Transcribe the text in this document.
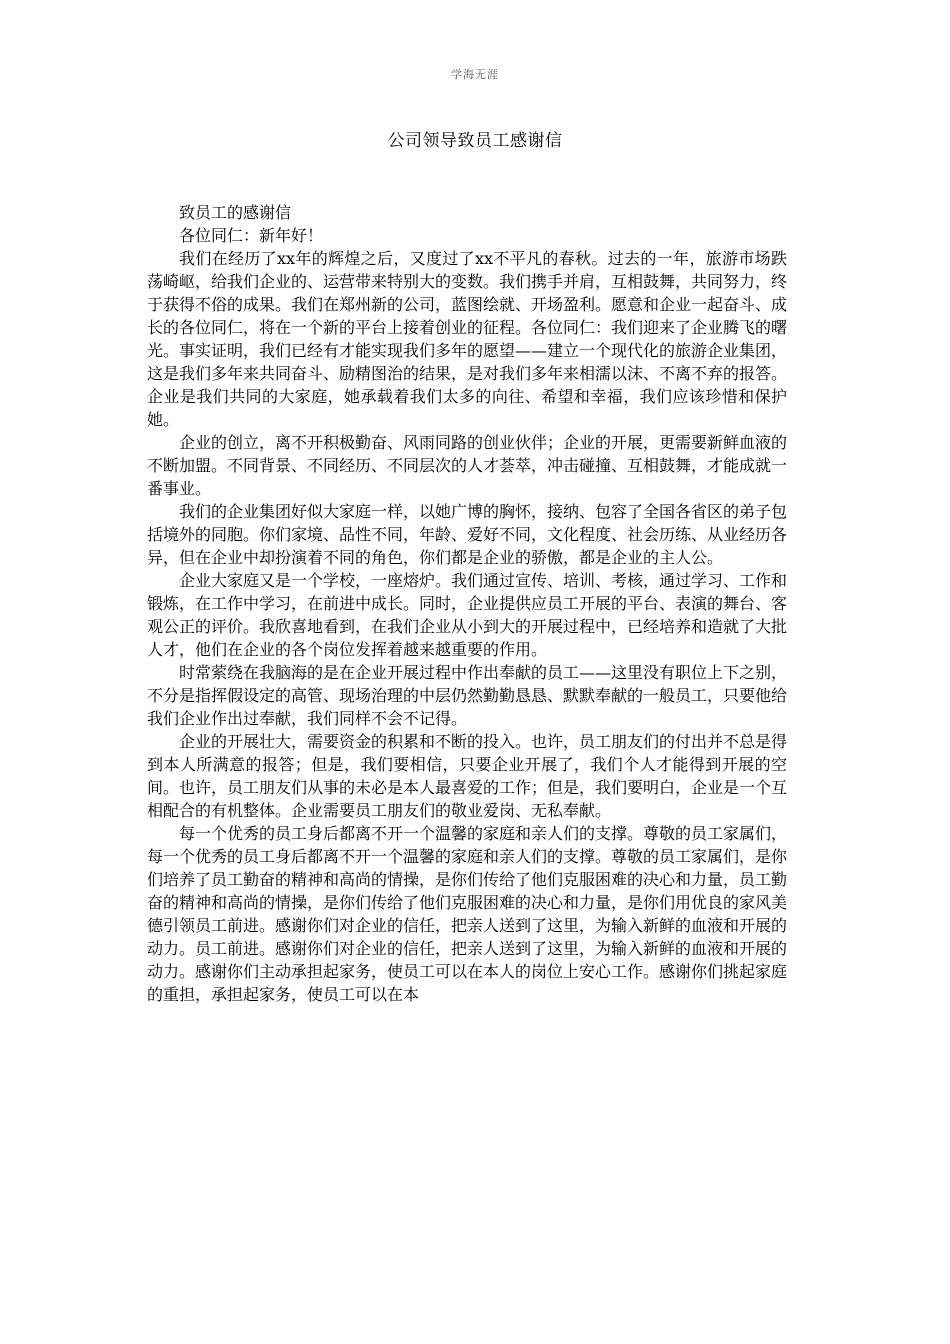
学海无涯
公司领导致员工感谢信

致员工的感谢信

各位同仁：新年好！

我们在经历了xx年的辉煌之后，又度过了xx不平凡的春秋。过去的一年，旅游市场跌荡崎岖，给我们企业的、运营带来特别大的变数。我们携手并肩，互相鼓舞，共同努力，终于获得不俗的成果。我们在郑州新的公司，蓝图绘就、开场盈利。愿意和企业一起奋斗、成长的各位同仁，将在一个新的平台上接着创业的征程。各位同仁：我们迎来了企业腾飞的曙光。事实证明，我们已经有才能实现我们多年的愿望——建立一个现代化的旅游企业集团，这是我们多年来共同奋斗、励精图治的结果，是对我们多年来相濡以沫、不离不弃的报答。企业是我们共同的大家庭，她承载着我们太多的向往、希望和幸福，我们应该珍惜和保护她。

企业的创立，离不开积极勤奋、风雨同路的创业伙伴；企业的开展，更需要新鲜血液的不断加盟。不同背景、不同经历、不同层次的人才荟萃，冲击碰撞、互相鼓舞，才能成就一番事业。

我们的企业集团好似大家庭一样，以她广博的胸怀，接纳、包容了全国各省区的弟子包括境外的同胞。你们家境、品性不同，年龄、爱好不同，文化程度、社会历练、从业经历各异，但在企业中却扮演着不同的角色，你们都是企业的骄傲，都是企业的主人公。

企业大家庭又是一个学校，一座熔炉。我们通过宣传、培训、考核，通过学习、工作和锻炼，在工作中学习，在前进中成长。同时，企业提供应员工开展的平台、表演的舞台、客观公正的评价。我欣喜地看到，在我们企业从小到大的开展过程中，已经培养和造就了大批人才，他们在企业的各个岗位发挥着越来越重要的作用。

时常萦绕在我脑海的是在企业开展过程中作出奉献的员工——这里没有职位上下之别，不分是指挥假设定的高管、现场治理的中层仍然勤勤恳恳、默默奉献的一般员工，只要他给我们企业作出过奉献，我们同样不会不记得。

企业的开展壮大，需要资金的积累和不断的投入。也许，员工朋友们的付出并不总是得到本人所满意的报答；但是，我们要相信，只要企业开展了，我们个人才能得到开展的空间。也许，员工朋友们从事的未必是本人最喜爱的工作；但是，我们要明白，企业是一个互相配合的有机整体。企业需要员工朋友们的敬业爱岗、无私奉献。

每一个优秀的员工身后都离不开一个温馨的家庭和亲人们的支撑。尊敬的员工家属们，每一个优秀的员工身后都离不开一个温馨的家庭和亲人们的支撑。尊敬的员工家属们，是你们培养了员工勤奋的精神和高尚的情操，是你们传给了他们克服困难的决心和力量，员工勤奋的精神和高尚的情操，是你们传给了他们克服困难的决心和力量，是你们用优良的家风美德引领员工前进。感谢你们对企业的信任，把亲人送到了这里，为输入新鲜的血液和开展的动力。员工前进。感谢你们对企业的信任，把亲人送到了这里，为输入新鲜的血液和开展的动力。感谢你们主动承担起家务，使员工可以在本人的岗位上安心工作。感谢你们挑起家庭的重担，承担起家务，使员工可以在本
